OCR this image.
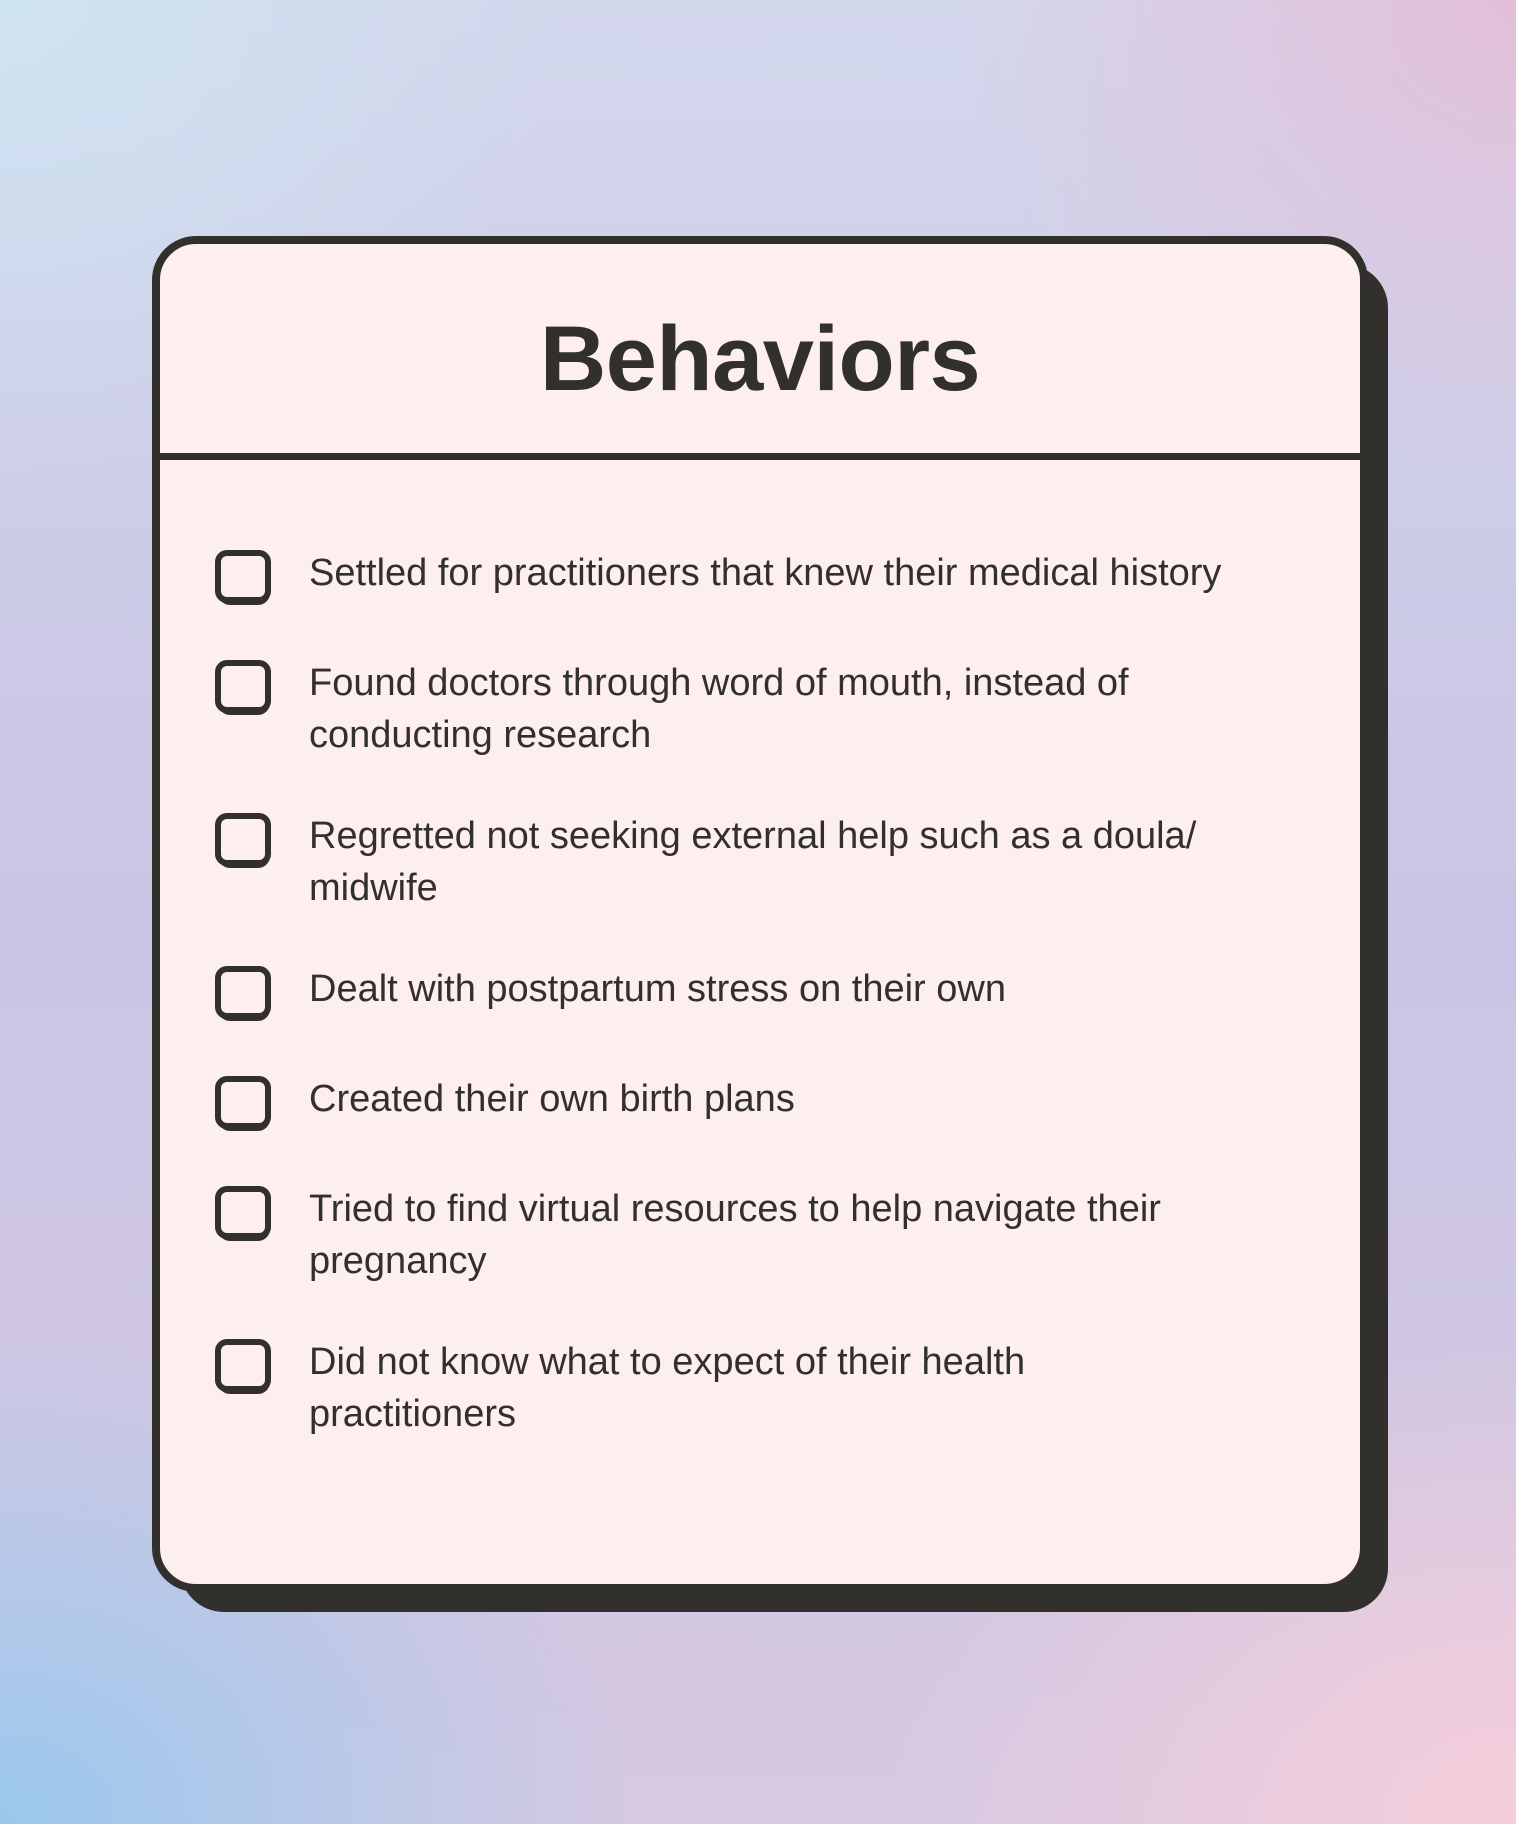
Behaviors
Settled for practitioners that knew their medical history
Found doctors through word of mouth, instead of conducting research
Regretted not seeking external help such as a doula/ midwife
Dealt with postpartum stress on their own
Created their own birth plans
Tried to find virtual resources to help navigate their pregnancy
Did not know what to expect of their health practitioners
